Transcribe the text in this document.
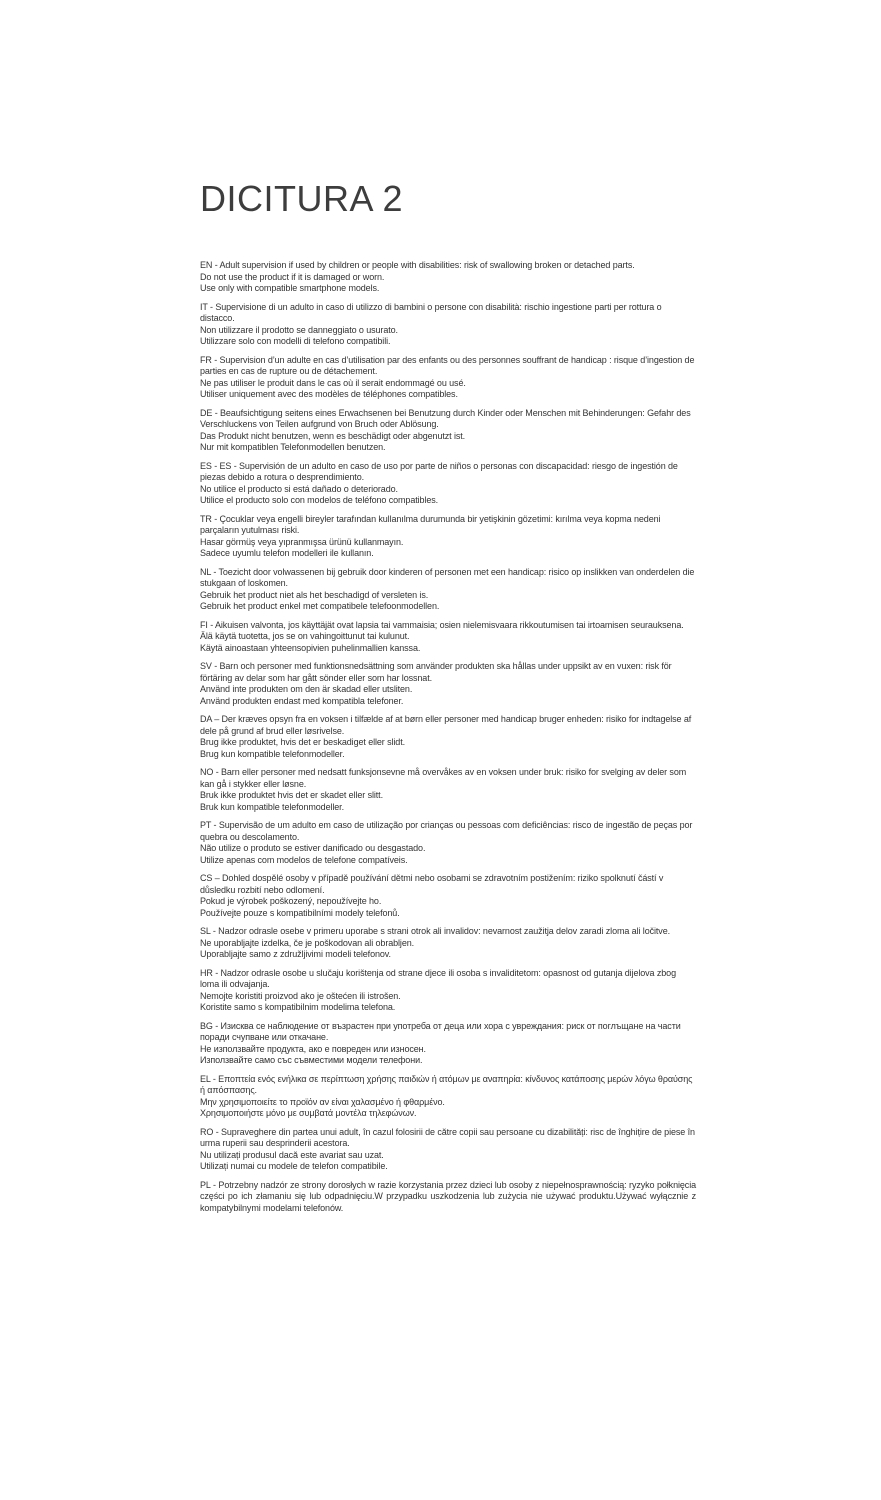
DICITURA 2
EN - Adult supervision if used by children or people with disabilities: risk of swallowing broken or detached parts.
Do not use the product if it is damaged or worn.
Use only with compatible smartphone models.
IT - Supervisione di un adulto in caso di utilizzo di bambini o persone con disabilità: rischio ingestione parti per rottura o distacco.
Non utilizzare il prodotto se danneggiato o usurato.
Utilizzare solo con modelli di telefono compatibili.
FR - Supervision d’un adulte en cas d’utilisation par des enfants ou des personnes souffrant de handicap : risque d’ingestion de parties en cas de rupture ou de détachement.
Ne pas utiliser le produit dans le cas où il serait endommagé ou usé.
Utiliser uniquement avec des modèles de téléphones compatibles.
DE - Beaufsichtigung seitens eines Erwachsenen bei Benutzung durch Kinder oder Menschen mit Behinderungen: Gefahr des Verschluckens von Teilen aufgrund von Bruch oder Ablösung.
Das Produkt nicht benutzen, wenn es beschädigt oder abgenutzt ist.
Nur mit kompatiblen Telefonmodellen benutzen.
ES - ES - Supervisión de un adulto en caso de uso por parte de niños o personas con discapacidad: riesgo de ingestión de piezas debido a rotura o desprendimiento.
No utilice el producto si está dañado o deteriorado.
Utilice el producto solo con modelos de teléfono compatibles.
TR - Çocuklar veya engelli bireyler tarafından kullanılma durumunda bir yetişkinin gözetimi: kırılma veya kopma nedeni parçaların yutulması riski.
Hasar görmüş veya yıpranmışsa ürünü kullanmayın.
Sadece uyumlu telefon modelleri ile kullanın.
NL - Toezicht door volwassenen bij gebruik door kinderen of personen met een handicap: risico op inslikken van onderdelen die stukgaan of loskomen.
Gebruik het product niet als het beschadigd of versleten is.
Gebruik het product enkel met compatibele telefoonmodellen.
FI - Aikuisen valvonta, jos käyttäjät ovat lapsia tai vammaisia; osien nielemisvaara rikkoutumisen tai irtoamisen seurauksena.
Älä käytä tuotetta, jos se on vahingoittunut tai kulunut.
Käytä ainoastaan yhteensopivien puhelinmallien kanssa.
SV - Barn och personer med funktionsnedsättning som använder produkten ska hållas under uppsikt av en vuxen: risk för förtäring av delar som har gått sönder eller som har lossnat.
Använd inte produkten om den är skadad eller utsliten.
Använd produkten endast med kompatibla telefoner.
DA – Der kræves opsyn fra en voksen i tilfælde af at børn eller personer med handicap bruger enheden: risiko for indtagelse af dele på grund af brud eller løsrivelse.
Brug ikke produktet, hvis det er beskadiget eller slidt.
Brug kun kompatible telefonmodeller.
NO - Barn eller personer med nedsatt funksjonsevne må overvåkes av en voksen under bruk: risiko for svelging av deler som kan gå i stykker eller løsne.
Bruk ikke produktet hvis det er skadet eller slitt.
Bruk kun kompatible telefonmodeller.
PT - Supervisão de um adulto em caso de utilização por crianças ou pessoas com deficiências: risco de ingestão de peças por quebra ou descolamento.
Não utilize o produto se estiver danificado ou desgastado.
Utilize apenas com modelos de telefone compatíveis.
CS – Dohled dospělé osoby v případě používání dětmi nebo osobami se zdravotním postižením: riziko spolknutí částí v důsledku rozbití nebo odlomení.
Pokud je výrobek poškozený, nepoužívejte ho.
Používejte pouze s kompatibilními modely telefonů.
SL - Nadzor odrasle osebe v primeru uporabe s strani otrok ali invalidov: nevarnost zaužitja delov zaradi zloma ali ločitve.
Ne uporabljajte izdelka, če je poškodovan ali obrabljen.
Uporabljajte samo z združljivimi modeli telefonov.
HR - Nadzor odrasle osobe u slučaju korištenja od strane djece ili osoba s invaliditetom: opasnost od gutanja dijelova zbog loma ili odvajanja.
Nemojte koristiti proizvod ako je oštećen ili istrošen.
Koristite samo s kompatibilnim modelima telefona.
BG - Изисква се наблюдение от възрастен при употреба от деца или хора с увреждания: риск от поглъщане на части поради счупване или откачане.
Не използвайте продукта, ако е повреден или износен.
Използвайте само със съвместими модели телефони.
EL - Εποπτεία ενός ενήλικα σε περίπτωση χρήσης παιδιών ή ατόμων με αναπηρία: κίνδυνος κατάποσης μερών λόγω θραύσης ή απόσπασης.
Μην χρησιμοποιείτε το προϊόν αν είναι χαλασμένο ή φθαρμένο.
Χρησιμοποιήστε μόνο με συμβατά μοντέλα τηλεφώνων.
RO - Supraveghere din partea unui adult, în cazul folosirii de către copii sau persoane cu dizabilități: risc de înghițire de piese în urma ruperii sau desprinderii acestora.
Nu utilizați produsul dacă este avariat sau uzat.
Utilizați numai cu modele de telefon compatibile.
PL - Potrzebny nadzór ze strony dorosłych w razie korzystania przez dzieci lub osoby z niepełnosprawnością: ryzyko połknięcia części po ich złamaniu się lub odpadnięciu.W przypadku uszkodzenia lub zużycia nie używać produktu.Używać wyłącznie z kompatybilnymi modelami telefonów.
